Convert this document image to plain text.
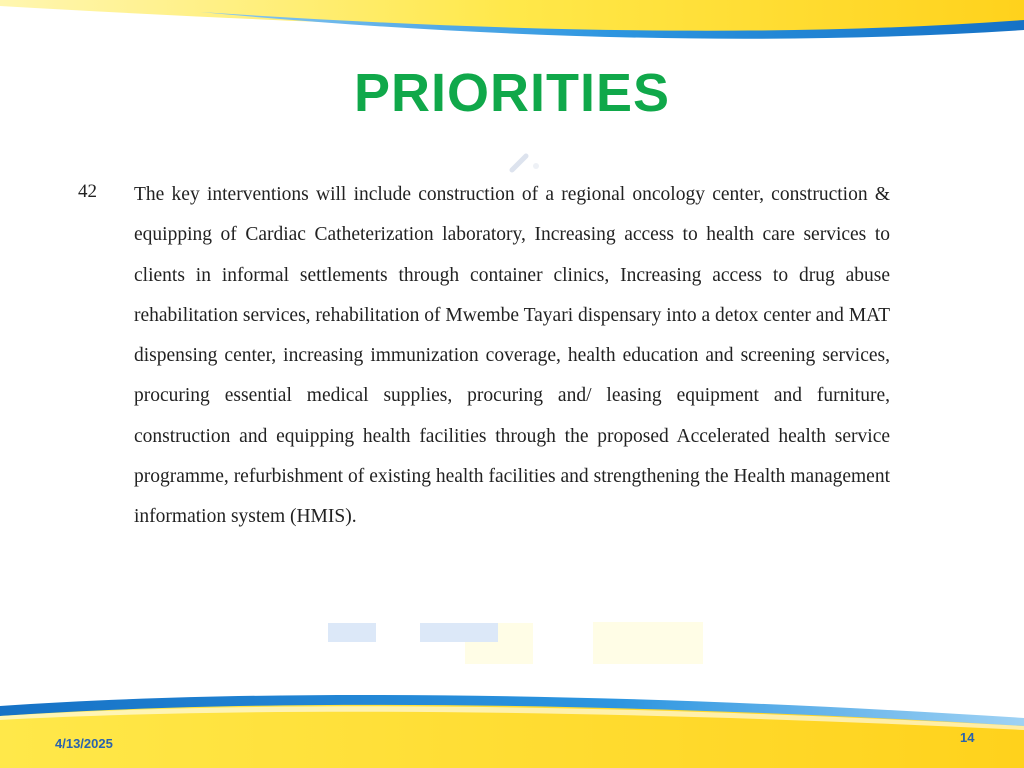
PRIORITIES
42 The key interventions will include construction of a regional oncology center, construction & equipping of Cardiac Catheterization laboratory, Increasing access to health care services to clients in informal settlements through container clinics, Increasing access to drug abuse rehabilitation services, rehabilitation of Mwembe Tayari dispensary into a detox center and MAT dispensing center, increasing immunization coverage, health education and screening services, procuring essential medical supplies, procuring and/ leasing equipment and furniture, construction and equipping health facilities through the proposed Accelerated health service programme, refurbishment of existing health facilities and strengthening the Health management information system (HMIS).

4/13/2025	14
